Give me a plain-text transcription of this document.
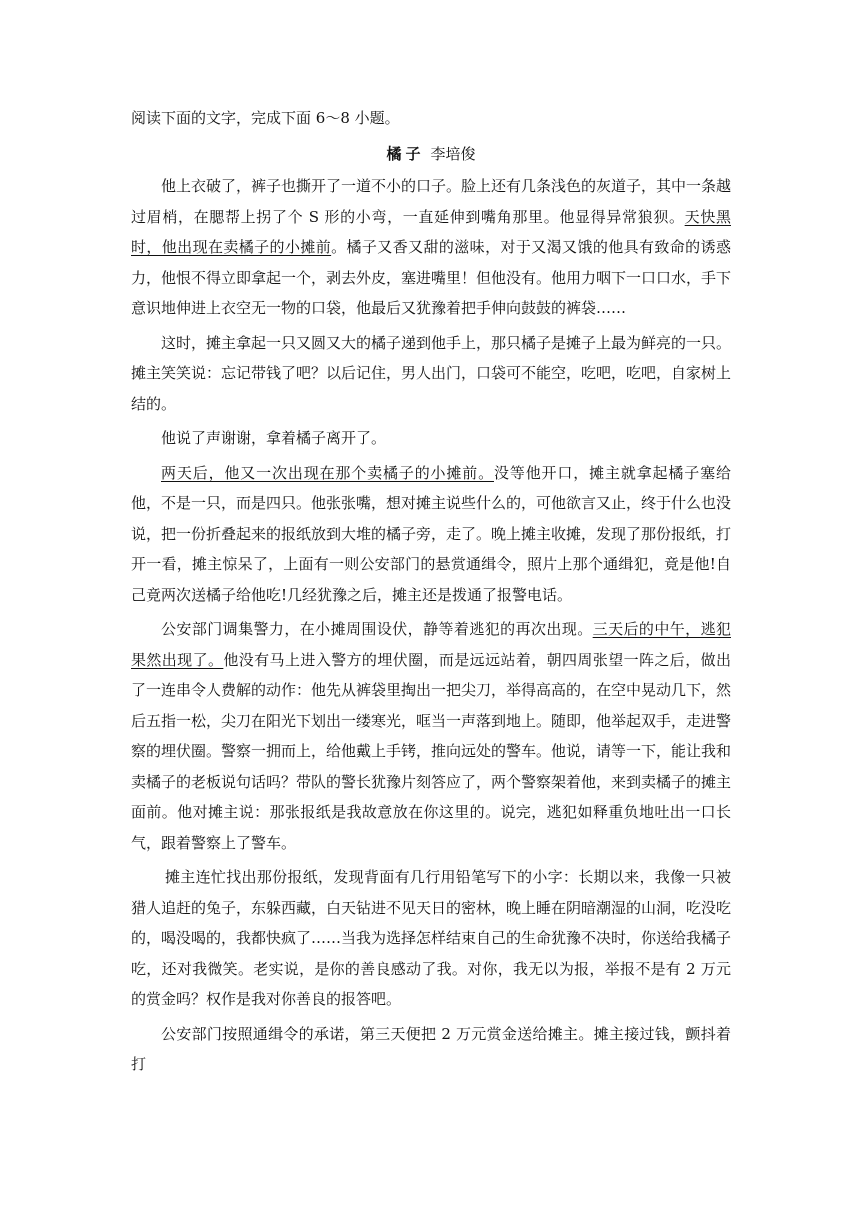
阅读下面的文字，完成下面 6～8 小题。

橘子 李培俊

他上衣破了，裤子也撕开了一道不小的口子。脸上还有几条浅色的灰道子，其中一条越过眉梢，在腮帮上拐了个 S 形的小弯，一直延伸到嘴角那里。他显得异常狼狈。天快黑时，他出现在卖橘子的小摊前。橘子又香又甜的滋味，对于又渴又饿的他具有致命的诱惑力，他恨不得立即拿起一个，剥去外皮，塞进嘴里！但他没有。他用力咽下一口口水，手下意识地伸进上衣空无一物的口袋，他最后又犹豫着把手伸向鼓鼓的裤袋……

这时，摊主拿起一只又圆又大的橘子递到他手上，那只橘子是摊子上最为鲜亮的一只。摊主笑笑说：忘记带钱了吧？以后记住，男人出门，口袋可不能空，吃吧，吃吧，自家树上结的。

他说了声谢谢，拿着橘子离开了。

两天后，他又一次出现在那个卖橘子的小摊前。没等他开口，摊主就拿起橘子塞给他，不是一只，而是四只。他张张嘴，想对摊主说些什么的，可他欲言又止，终于什么也没说，把一份折叠起来的报纸放到大堆的橘子旁，走了。晚上摊主收摊，发现了那份报纸，打开一看，摊主惊呆了，上面有一则公安部门的悬赏通缉令，照片上那个通缉犯，竟是他!自己竟两次送橘子给他吃!几经犹豫之后，摊主还是拨通了报警电话。

公安部门调集警力，在小摊周围设伏，静等着逃犯的再次出现。三天后的中午，逃犯果然出现了。他没有马上进入警方的埋伏圈，而是远远站着，朝四周张望一阵之后，做出了一连串令人费解的动作：他先从裤袋里掏出一把尖刀，举得高高的，在空中晃动几下，然后五指一松，尖刀在阳光下划出一缕寒光，哐当一声落到地上。随即，他举起双手，走进警察的埋伏圈。警察一拥而上，给他戴上手铐，推向远处的警车。他说，请等一下，能让我和卖橘子的老板说句话吗？带队的警长犹豫片刻答应了，两个警察架着他，来到卖橘子的摊主面前。他对摊主说：那张报纸是我故意放在你这里的。说完，逃犯如释重负地吐出一口长气，跟着警察上了警车。

摊主连忙找出那份报纸，发现背面有几行用铅笔写下的小字：长期以来，我像一只被猎人追赶的兔子，东躲西藏，白天钻进不见天日的密林，晚上睡在阴暗潮湿的山洞，吃没吃的，喝没喝的，我都快疯了……当我为选择怎样结束自己的生命犹豫不决时，你送给我橘子吃，还对我微笑。老实说，是你的善良感动了我。对你，我无以为报，举报不是有 2 万元的赏金吗？权作是我对你善良的报答吧。

公安部门按照通缉令的承诺，第三天便把 2 万元赏金送给摊主。摊主接过钱，颤抖着打
